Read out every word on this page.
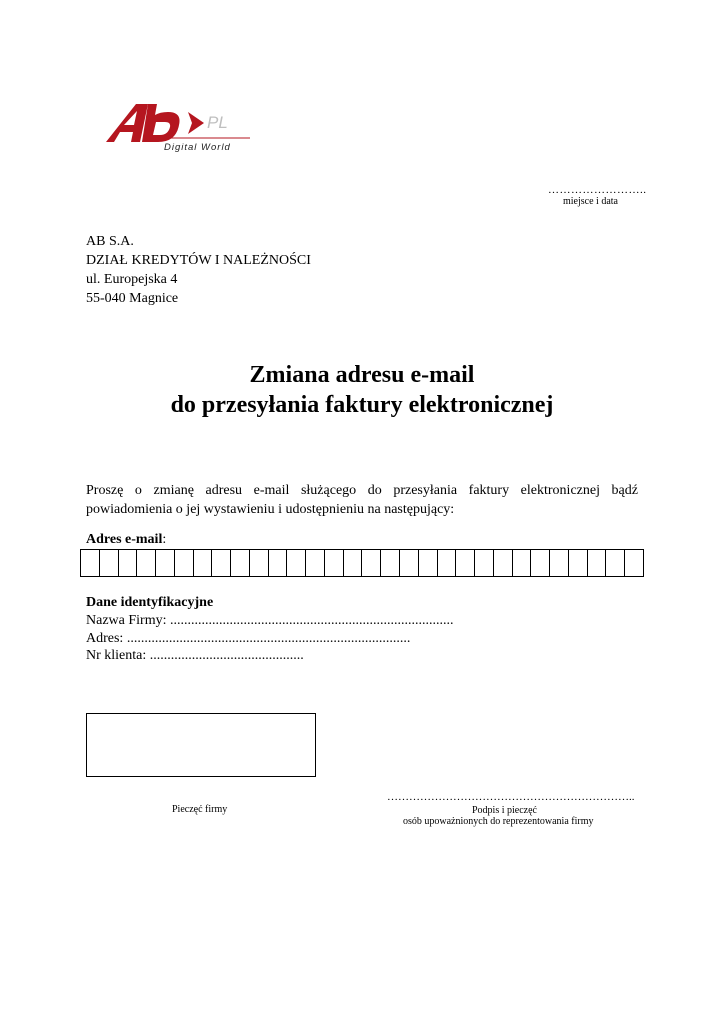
PL
Digital World
……………………..
miejsce i data
AB S.A.
DZIAŁ KREDYTÓW I NALEŻNOŚCI
ul. Europejska 4
55-040 Magnice
Zmiana adresu e-mail
do przesyłania faktury elektronicznej
Proszę o zmianę adresu e-mail służącego do przesyłania faktury elektronicznej bądź powiadomienia o jej wystawieniu i udostępnieniu na następujący:
Adres e-mail:
Dane identyfikacyjne
Nazwa Firmy: .................................................................................
Adres: .................................................................................
Nr klienta: ............................................
Pieczęć firmy
…………………………………………………………..
Podpis i pieczęć
osób upoważnionych do reprezentowania firmy
